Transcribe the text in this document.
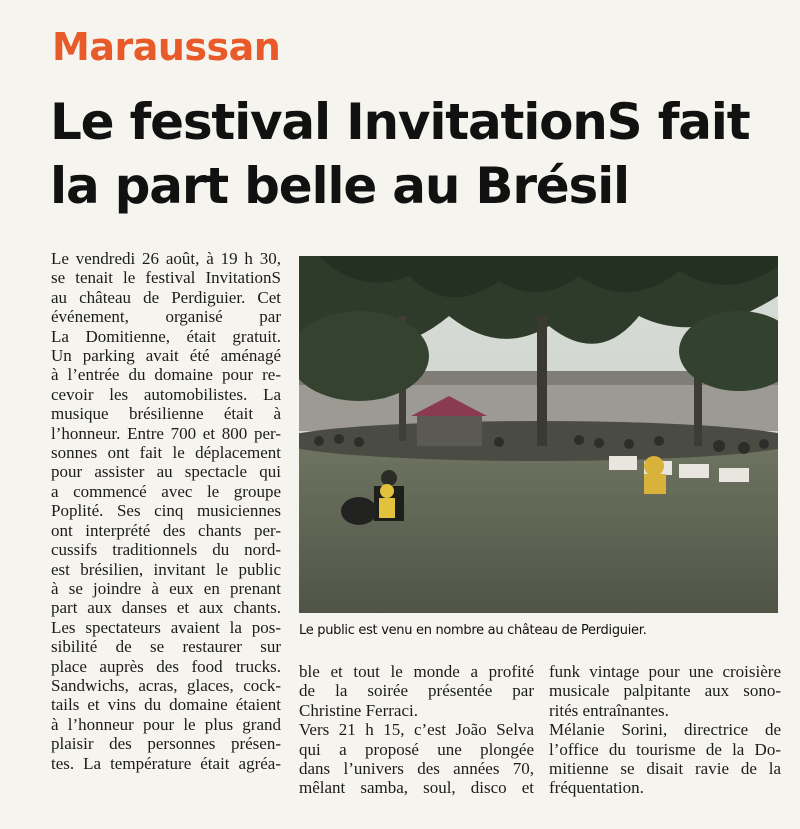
Maraussan
Le festival InvitationS fait
la part belle au Brésil
Le vendredi 26 août, à 19 h 30,
se tenait le festival InvitationS
au château de Perdiguier. Cet
événement, organisé par
La Domitienne, était gratuit.
Un parking avait été aménagé
à l’entrée du domaine pour re-
cevoir les automobilistes. La
musique brésilienne était à
l’honneur. Entre 700 et 800 per-
sonnes ont fait le déplacement
pour assister au spectacle qui
a commencé avec le groupe
Poplité. Ses cinq musiciennes
ont interprété des chants per-
cussifs traditionnels du nord-
est brésilien, invitant le public
à se joindre à eux en prenant
part aux danses et aux chants.
Les spectateurs avaient la pos-
sibilité de se restaurer sur
place auprès des food trucks.
Sandwichs, acras, glaces, cock-
tails et vins du domaine étaient
à l’honneur pour le plus grand
plaisir des personnes présen-
tes. La température était agréa-
Le public est venu en nombre au château de Perdiguier.
ble et tout le monde a profité
de la soirée présentée par
Christine Ferraci.
Vers 21 h 15, c’est João Selva
qui a proposé une plongée
dans l’univers des années 70,
mêlant samba, soul, disco et
funk vintage pour une croisière
musicale palpitante aux sono-
rités entraînantes.
Mélanie Sorini, directrice de
l’office du tourisme de la Do-
mitienne se disait ravie de la
fréquentation.
